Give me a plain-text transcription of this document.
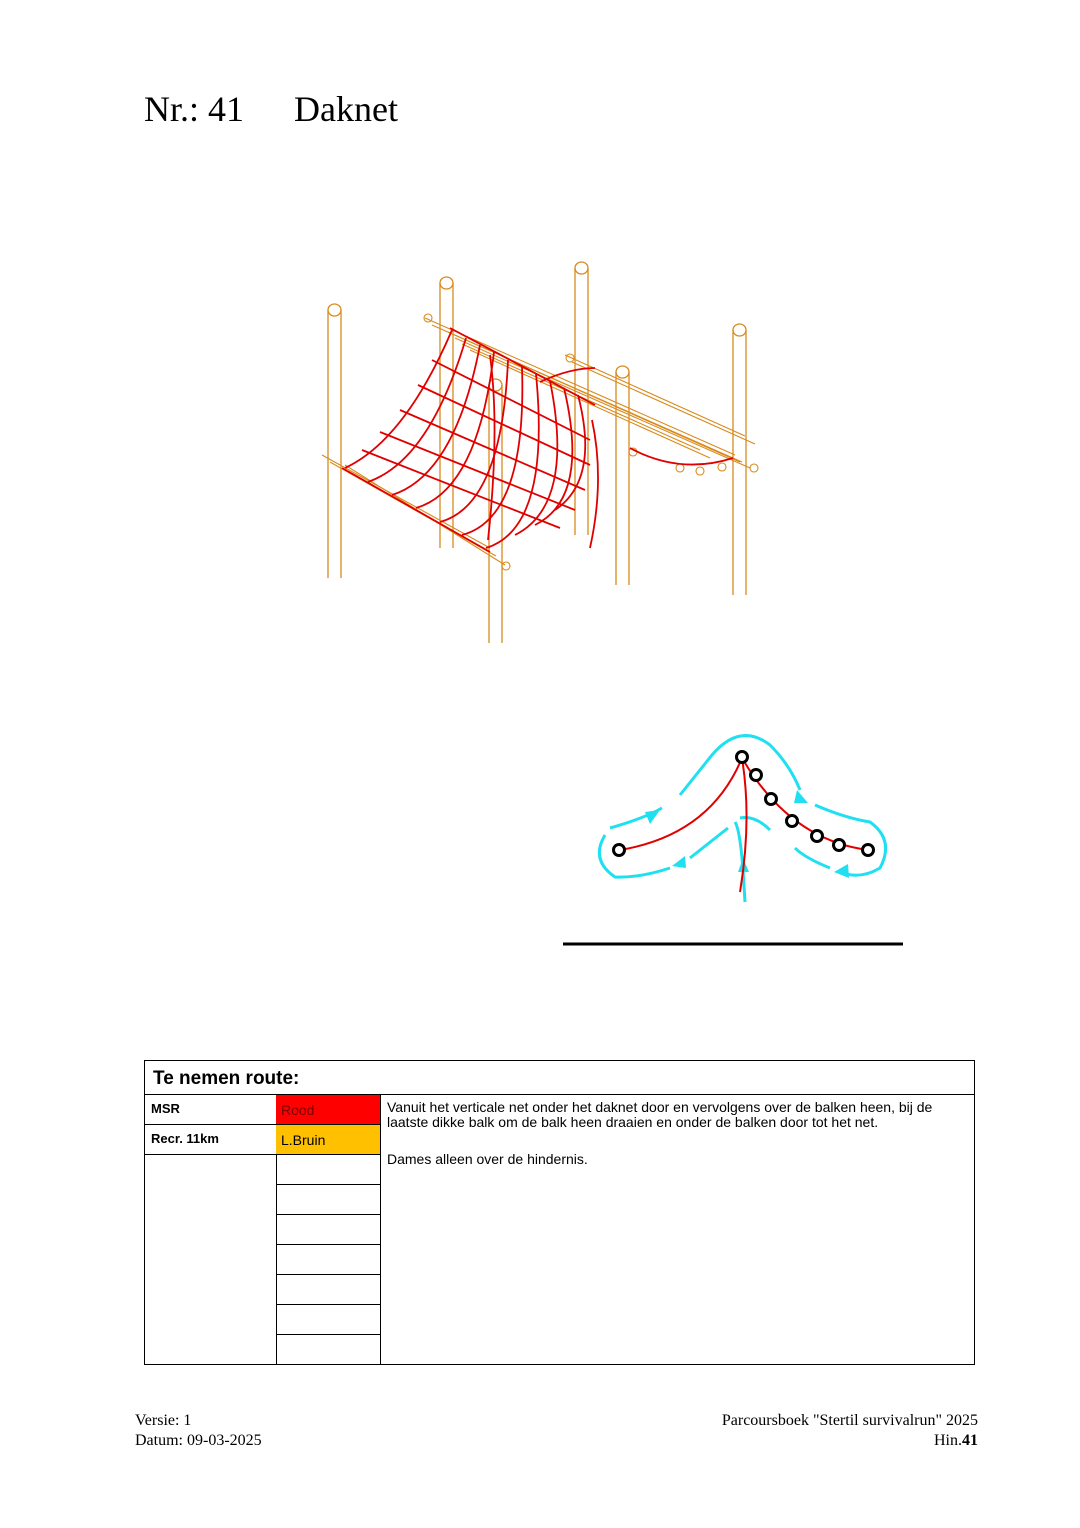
Nr.: 41 Daknet
Te nemen route:
MSR
Recr. 11km
Rood
L.Bruin

Vanuit het verticale net onder het daknet door en vervolgens over de balken heen, bij de laatste dikke balk om de balk heen draaien en onder de balken door tot het net.

Dames alleen over de hindernis.

Versie: 1
Datum: 09-03-2025
Parcoursboek "Stertil survivalrun" 2025
Hin.41
